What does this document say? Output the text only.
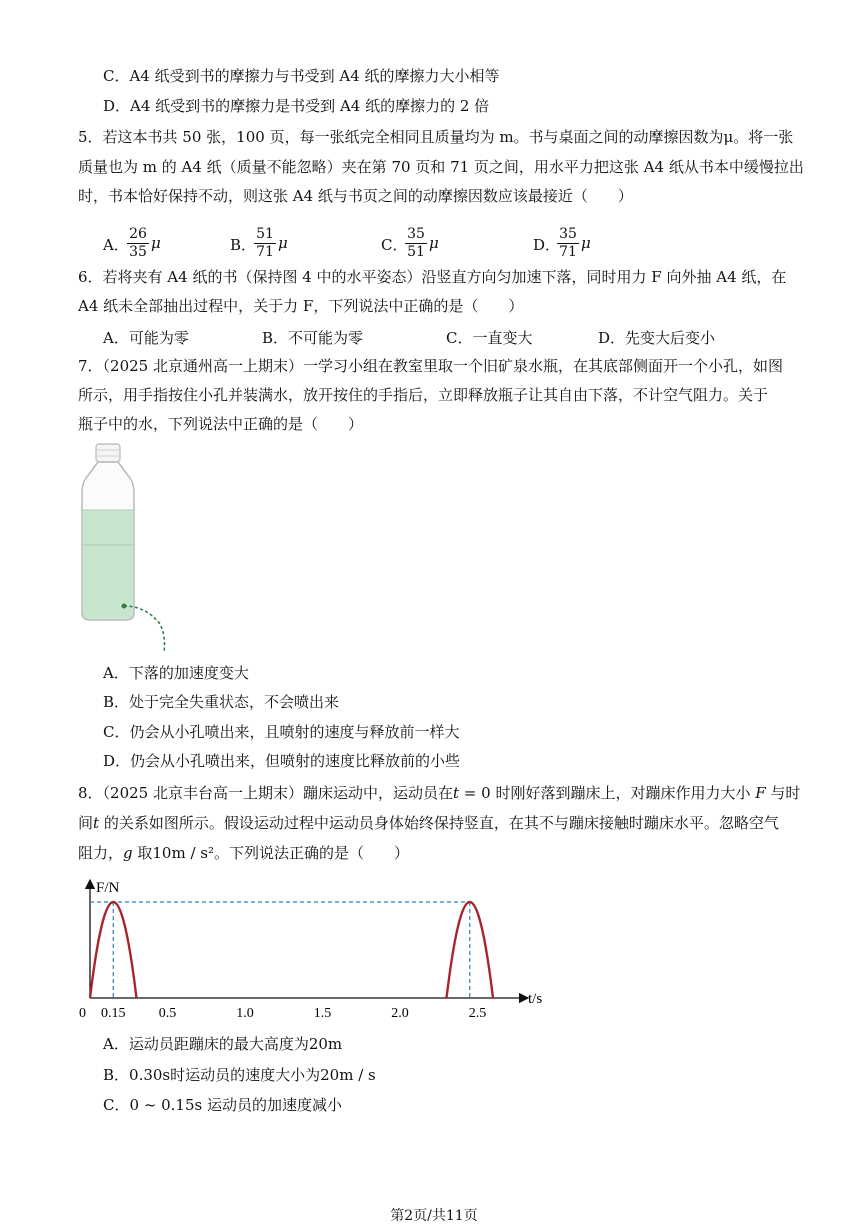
C．A4 纸受到书的摩擦力与书受到 A4 纸的摩擦力大小相等
D．A4 纸受到书的摩擦力是书受到 A4 纸的摩擦力的 2 倍
5．若这本书共 50 张，100 页，每一张纸完全相同且质量均为 m。书与桌面之间的动摩擦因数为μ。将一张
质量也为 m 的 A4 纸（质量不能忽略）夹在第 70 页和 71 页之间，用水平力把这张 A4 纸从书本中缓慢拉出
时，书本恰好保持不动，则这张 A4 纸与书页之间的动摩擦因数应该最接近（　　）
A．
$\frac{26}{35}$ μ	B．
$\frac{51}{71}$ μ	C．
$\frac{35}{51}$ μ	D．
$\frac{35}{71}$ μ
6．若将夹有 A4 纸的书（保持图 4 中的水平姿态）沿竖直方向匀加速下落，同时用力 F 向外抽 A4 纸，在
A4 纸未全部抽出过程中，关于力 F，下列说法中正确的是（　　）
A．可能为零	B．不可能为零	C．一直变大	D．先变大后变小
7．（2025 北京通州高一上期末）一学习小组在教室里取一个旧矿泉水瓶，在其底部侧面开一个小孔，如图
所示，用手指按住小孔并装满水，放开按住的手指后，立即释放瓶子让其自由下落，不计空气阻力。关于
瓶子中的水，下列说法中正确的是（　　）
A．下落的加速度变大
B．处于完全失重状态，不会喷出来
C．仍会从小孔喷出来，且喷射的速度与释放前一样大
D．仍会从小孔喷出来，但喷射的速度比释放前的小些
8．（2025 北京丰台高一上期末）蹦床运动中，运动员在t = 0 时刚好落到蹦床上，对蹦床作用力大小 F 与时
间t 的关系如图所示。假设运动过程中运动员身体始终保持竖直，在其不与蹦床接触时蹦床水平。忽略空气
阻力，g 取10m / s²。下列说法正确的是（　　）
F/N
t/s
0 0.15 0.5	1.0	1.5	2.0	2.5
A．运动员距蹦床的最大高度为20m
B．0.30s时运动员的速度大小为20m / s
C．0 ~ 0.15s 运动员的加速度减小
第2页/共11页
